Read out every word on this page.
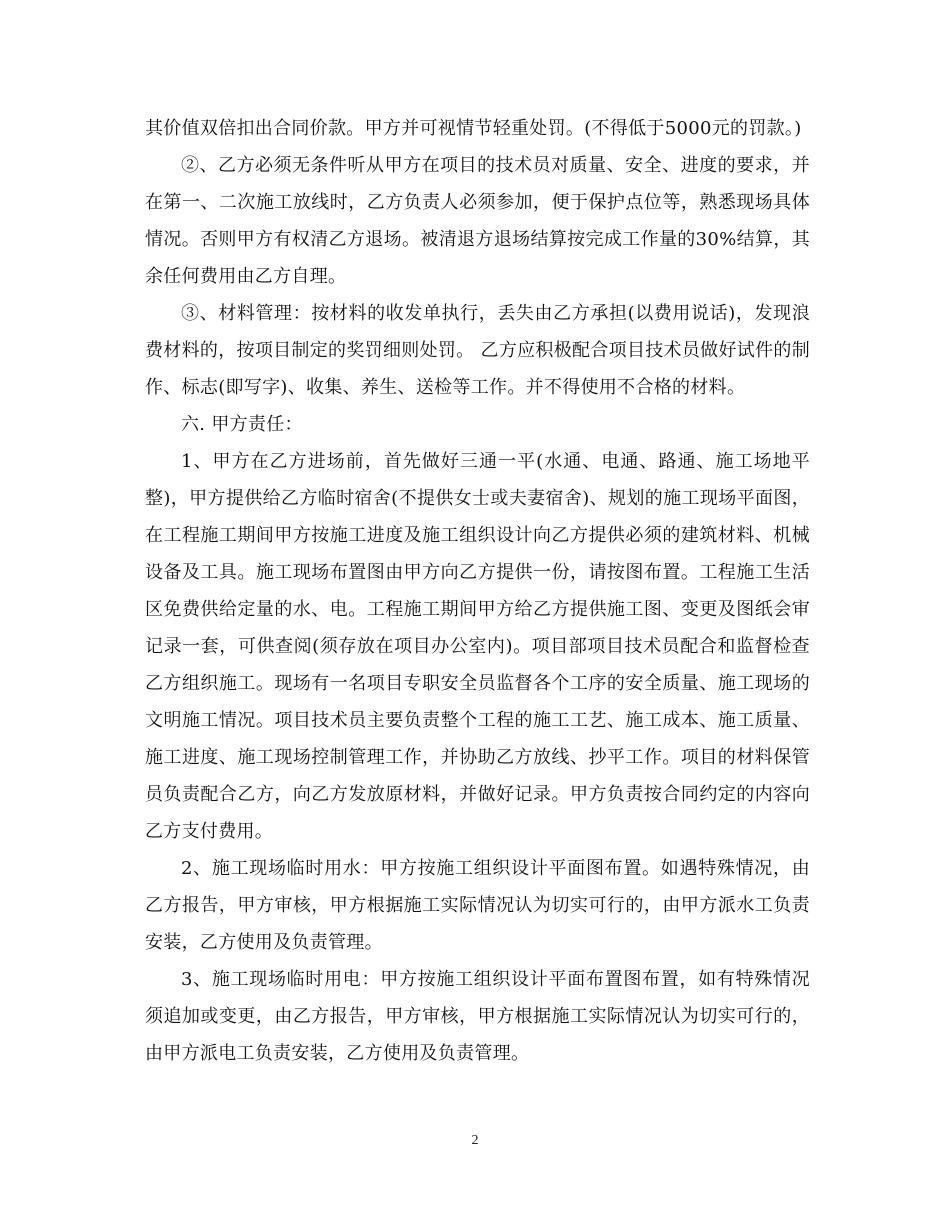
其价值双倍扣出合同价款。甲方并可视情节轻重处罚。(不得低于5000元的罚款。)

②、乙方必须无条件听从甲方在项目的技术员对质量、安全、进度的要求，并在第一、二次施工放线时，乙方负责人必须参加，便于保护点位等，熟悉现场具体情况。否则甲方有权清乙方退场。被清退方退场结算按完成工作量的30%结算，其余任何费用由乙方自理。

③、材料管理：按材料的收发单执行，丢失由乙方承担(以费用说话)，发现浪费材料的，按项目制定的奖罚细则处罚。 乙方应积极配合项目技术员做好试件的制作、标志(即写字)、收集、养生、送检等工作。并不得使用不合格的材料。

六. 甲方责任：

1、甲方在乙方进场前，首先做好三通一平(水通、电通、路通、施工场地平整)，甲方提供给乙方临时宿舍(不提供女士或夫妻宿舍)、规划的施工现场平面图，在工程施工期间甲方按施工进度及施工组织设计向乙方提供必须的建筑材料、机械设备及工具。施工现场布置图由甲方向乙方提供一份，请按图布置。工程施工生活区免费供给定量的水、电。工程施工期间甲方给乙方提供施工图、变更及图纸会审记录一套，可供查阅(须存放在项目办公室内)。项目部项目技术员配合和监督检查乙方组织施工。现场有一名项目专职安全员监督各个工序的安全质量、施工现场的文明施工情况。项目技术员主要负责整个工程的施工工艺、施工成本、施工质量、施工进度、施工现场控制管理工作，并协助乙方放线、抄平工作。项目的材料保管员负责配合乙方，向乙方发放原材料，并做好记录。甲方负责按合同约定的内容向乙方支付费用。

2、施工现场临时用水：甲方按施工组织设计平面图布置。如遇特殊情况，由乙方报告，甲方审核，甲方根据施工实际情况认为切实可行的，由甲方派水工负责安装，乙方使用及负责管理。

3、施工现场临时用电：甲方按施工组织设计平面布置图布置，如有特殊情况须追加或变更，由乙方报告，甲方审核，甲方根据施工实际情况认为切实可行的，由甲方派电工负责安装，乙方使用及负责管理。

2
